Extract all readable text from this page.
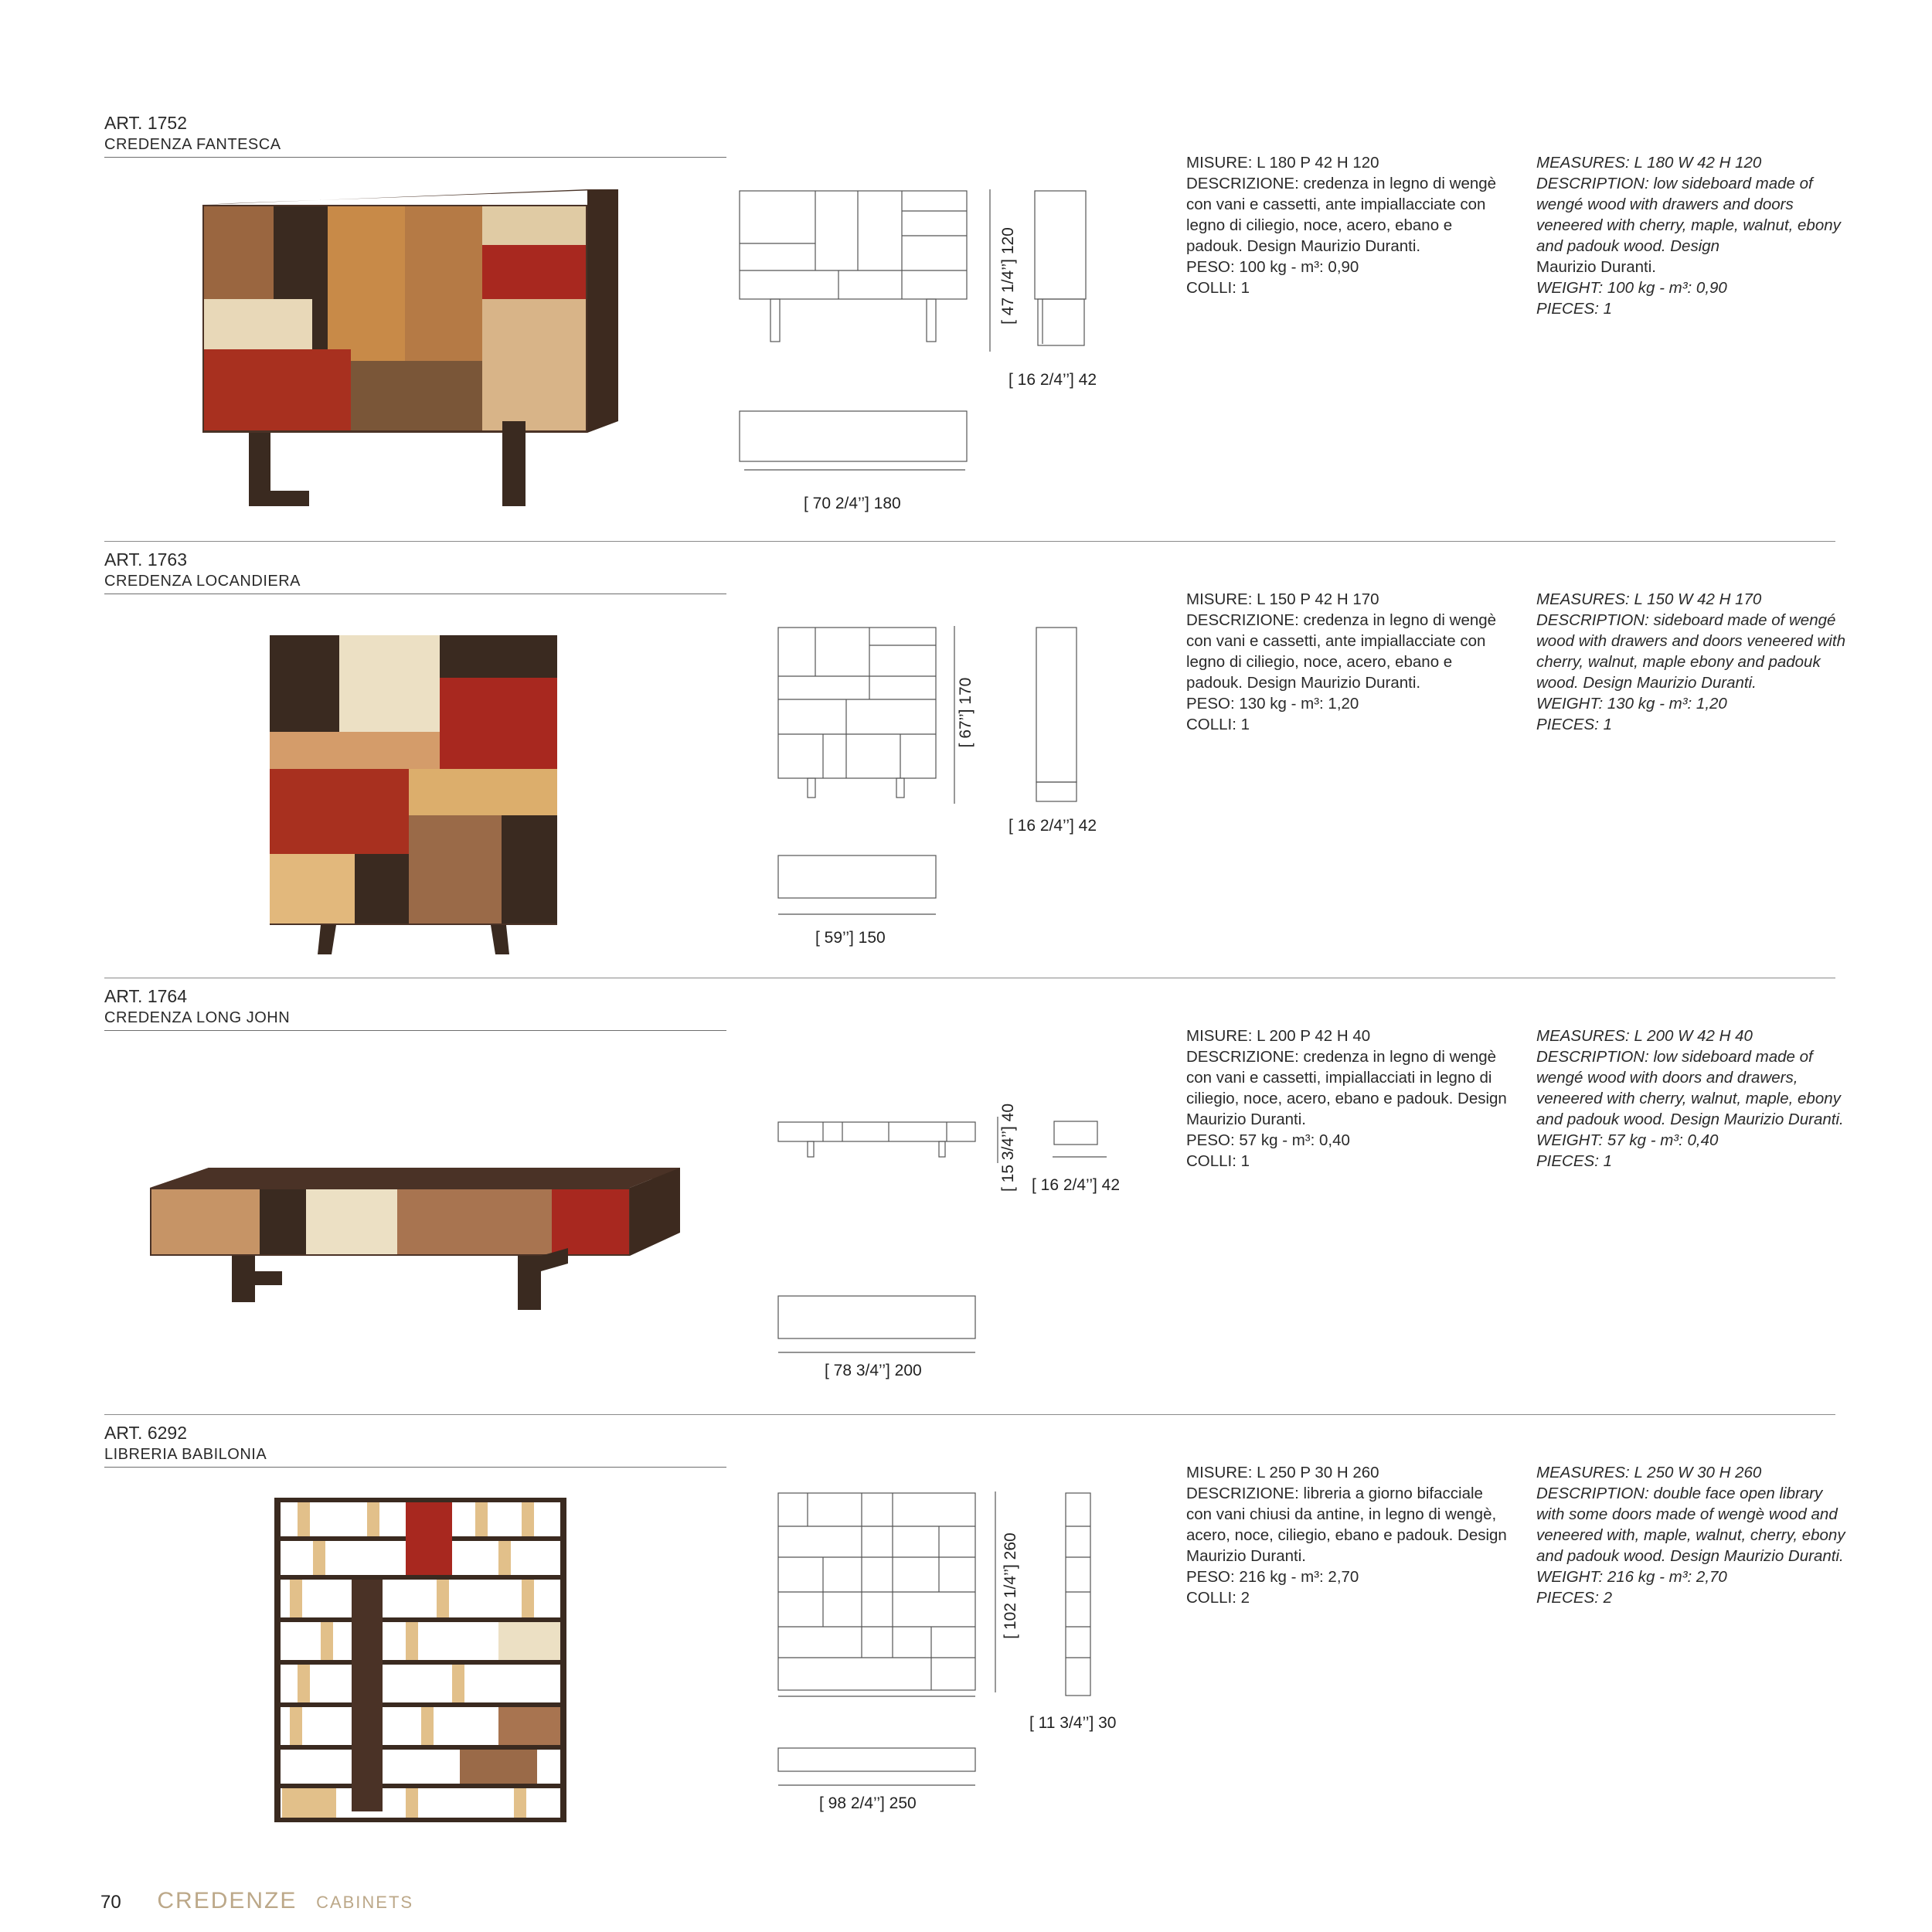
ART. 1752
CREDENZA FANTESCA
[ 47 1/4’’] 120
[ 16 2/4’’] 42
[ 70 2/4’’] 180

MISURE: L 180 P 42 H 120

DESCRIZIONE: credenza in legno di wengè con vani e cassetti, ante impiallacciate con legno di ciliegio, noce, acero, ebano e padouk. Design Maurizio Duranti.

PESO: 100 kg - m³: 0,90

COLLI: 1

MEASURES: L 180 W 42 H 120

DESCRIPTION: low sideboard made of wengé wood with drawers and doors veneered with cherry, maple, walnut, ebony and padouk wood. Design

Maurizio Duranti.

WEIGHT: 100 kg - m³: 0,90

PIECES: 1

ART. 1763
CREDENZA LOCANDIERA
[ 67’’] 170
[ 16 2/4’’] 42
[ 59’’] 150

MISURE: L 150 P 42 H 170

DESCRIZIONE: credenza in legno di wengè con vani e cassetti, ante impiallacciate con legno di ciliegio, noce, acero, ebano e padouk. Design Maurizio Duranti.

PESO: 130 kg - m³: 1,20

COLLI: 1

MEASURES: L 150 W 42 H 170

DESCRIPTION: sideboard made of wengé wood with drawers and doors veneered with cherry, walnut, maple ebony and padouk wood. Design Maurizio Duranti.

WEIGHT: 130 kg - m³: 1,20

PIECES: 1

ART. 1764
CREDENZA LONG JOHN
[ 15 3/4’’] 40 [ 16 2/4’’] 42
[ 78 3/4’’] 200

MISURE: L 200 P 42 H 40

DESCRIZIONE: credenza in legno di wengè con vani e cassetti, impiallacciati in legno di ciliegio, noce, acero, ebano e padouk. Design Maurizio Duranti.

PESO: 57 kg - m³: 0,40

COLLI: 1

MEASURES: L 200 W 42 H 40

DESCRIPTION: low sideboard made of wengé wood with doors and drawers, veneered with cherry, walnut, maple, ebony and padouk wood. Design Maurizio Duranti.

WEIGHT: 57 kg - m³: 0,40

PIECES: 1

ART. 6292
LIBRERIA BABILONIA
[ 102 1/4’’] 260
[ 11 3/4’’] 30
[ 98 2/4’’] 250

MISURE: L 250 P 30 H 260

DESCRIZIONE: libreria a giorno bifacciale con vani chiusi da antine, in legno di wengè, acero, noce, ciliegio, ebano e padouk. Design Maurizio Duranti.

PESO: 216 kg - m³: 2,70

COLLI: 2

MEASURES: L 250 W 30 H 260

DESCRIPTION: double face open library with some doors made of wengè wood and veneered with, maple, walnut, cherry, ebony and padouk wood. Design Maurizio Duranti.

WEIGHT: 216 kg - m³: 2,70

PIECES: 2

70 CREDENZE CABINETS
